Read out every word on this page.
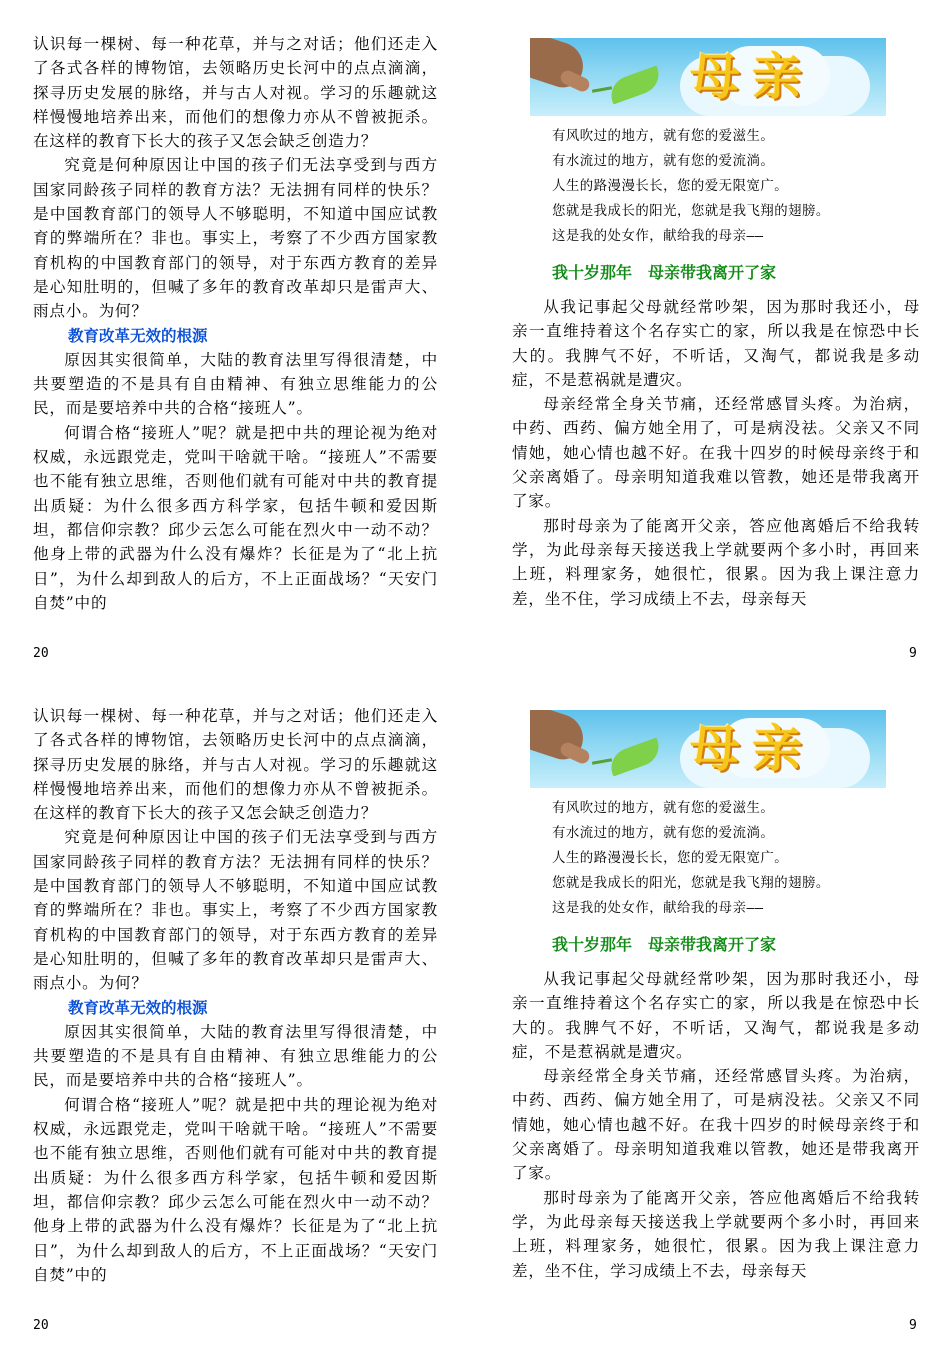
认识每一棵树、每一种花草，并与之对话；他们还走入了各式各样的博物馆，去领略历史长河中的点点滴滴，探寻历史发展的脉络，并与古人对视。学习的乐趣就这样慢慢地培养出来，而他们的想像力亦从不曾被扼杀。在这样的教育下长大的孩子又怎会缺乏创造力？

究竟是何种原因让中国的孩子们无法享受到与西方国家同龄孩子同样的教育方法？无法拥有同样的快乐？是中国教育部门的领导人不够聪明，不知道中国应试教育的弊端所在？非也。事实上，考察了不少西方国家教育机构的中国教育部门的领导，对于东西方教育的差异是心知肚明的，但喊了多年的教育改革却只是雷声大、雨点小。为何？

教育改革无效的根源

原因其实很简单，大陆的教育法里写得很清楚，中共要塑造的不是具有自由精神、有独立思维能力的公民，而是要培养中共的合格“接班人”。

何谓合格“接班人”呢？就是把中共的理论视为绝对权威，永远跟党走，党叫干啥就干啥。“接班人”不需要也不能有独立思维，否则他们就有可能对中共的教育提出质疑：为什么很多西方科学家，包括牛顿和爱因斯坦，都信仰宗教？邱少云怎么可能在烈火中一动不动？他身上带的武器为什么没有爆炸？长征是为了“北上抗日”，为什么却到敌人的后方，不上正面战场？“天安门自焚”中的

20
母亲

有风吹过的地方，就有您的爱滋生。

有水流过的地方，就有您的爱流淌。

人生的路漫漫长长，您的爱无限宽广。

您就是我成长的阳光，您就是我飞翔的翅膀。

这是我的处女作，献给我的母亲——

我十岁那年　母亲带我离开了家

从我记事起父母就经常吵架，因为那时我还小，母亲一直维持着这个名存实亡的家，所以我是在惊恐中长大的。我脾气不好，不听话，又淘气，都说我是多动症，不是惹祸就是遭灾。

母亲经常全身关节痛，还经常感冒头疼。为治病，中药、西药、偏方她全用了，可是病没祛。父亲又不同情她，她心情也越不好。在我十四岁的时候母亲终于和父亲离婚了。母亲明知道我难以管教，她还是带我离开了家。

那时母亲为了能离开父亲，答应他离婚后不给我转学，为此母亲每天接送我上学就要两个多小时，再回来上班，料理家务，她很忙，很累。因为我上课注意力差，坐不住，学习成绩上不去，母亲每天

9

认识每一棵树、每一种花草，并与之对话；他们还走入了各式各样的博物馆，去领略历史长河中的点点滴滴，探寻历史发展的脉络，并与古人对视。学习的乐趣就这样慢慢地培养出来，而他们的想像力亦从不曾被扼杀。在这样的教育下长大的孩子又怎会缺乏创造力？

究竟是何种原因让中国的孩子们无法享受到与西方国家同龄孩子同样的教育方法？无法拥有同样的快乐？是中国教育部门的领导人不够聪明，不知道中国应试教育的弊端所在？非也。事实上，考察了不少西方国家教育机构的中国教育部门的领导，对于东西方教育的差异是心知肚明的，但喊了多年的教育改革却只是雷声大、雨点小。为何？

教育改革无效的根源

原因其实很简单，大陆的教育法里写得很清楚，中共要塑造的不是具有自由精神、有独立思维能力的公民，而是要培养中共的合格“接班人”。

何谓合格“接班人”呢？就是把中共的理论视为绝对权威，永远跟党走，党叫干啥就干啥。“接班人”不需要也不能有独立思维，否则他们就有可能对中共的教育提出质疑：为什么很多西方科学家，包括牛顿和爱因斯坦，都信仰宗教？邱少云怎么可能在烈火中一动不动？他身上带的武器为什么没有爆炸？长征是为了“北上抗日”，为什么却到敌人的后方，不上正面战场？“天安门自焚”中的

20
母亲

有风吹过的地方，就有您的爱滋生。

有水流过的地方，就有您的爱流淌。

人生的路漫漫长长，您的爱无限宽广。

您就是我成长的阳光，您就是我飞翔的翅膀。

这是我的处女作，献给我的母亲——

我十岁那年　母亲带我离开了家

从我记事起父母就经常吵架，因为那时我还小，母亲一直维持着这个名存实亡的家，所以我是在惊恐中长大的。我脾气不好，不听话，又淘气，都说我是多动症，不是惹祸就是遭灾。

母亲经常全身关节痛，还经常感冒头疼。为治病，中药、西药、偏方她全用了，可是病没祛。父亲又不同情她，她心情也越不好。在我十四岁的时候母亲终于和父亲离婚了。母亲明知道我难以管教，她还是带我离开了家。

那时母亲为了能离开父亲，答应他离婚后不给我转学，为此母亲每天接送我上学就要两个多小时，再回来上班，料理家务，她很忙，很累。因为我上课注意力差，坐不住，学习成绩上不去，母亲每天

9
